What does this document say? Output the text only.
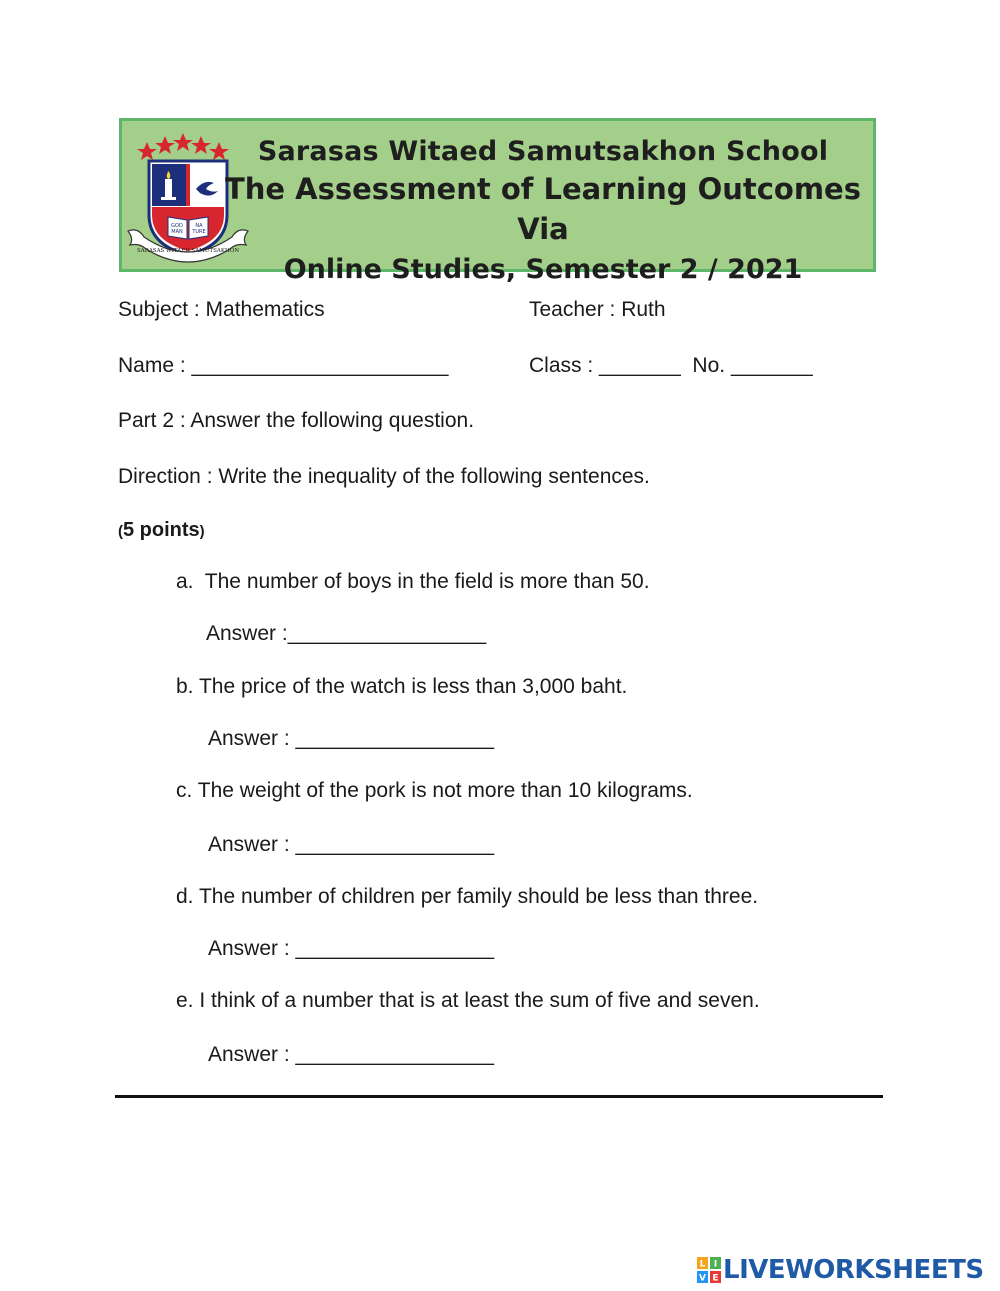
GOD
MAN
NA
TURE
SARASAS WITAED SAMUTSAKHON
Sarasas Witaed Samutsakhon School
The Assessment of Learning Outcomes Via
Online Studies, Semester 2 / 2021
Subject : Mathematics	Teacher : Ruth
Name : ______________________	Class : _______  No. _______
Part 2 : Answer the following question.
Direction : Write the inequality of the following sentences.
(5 points)
a.  The number of boys in the field is more than 50.
Answer :_________________
b. The price of the watch is less than 3,000 baht.
Answer : _________________
c. The weight of the pork is not more than 10 kilograms.
Answer : _________________
d. The number of children per family should be less than three.
Answer : _________________
e. I think of a number that is at least the sum of five and seven.
Answer : _________________
L I
V E LIVEWORKSHEETS
